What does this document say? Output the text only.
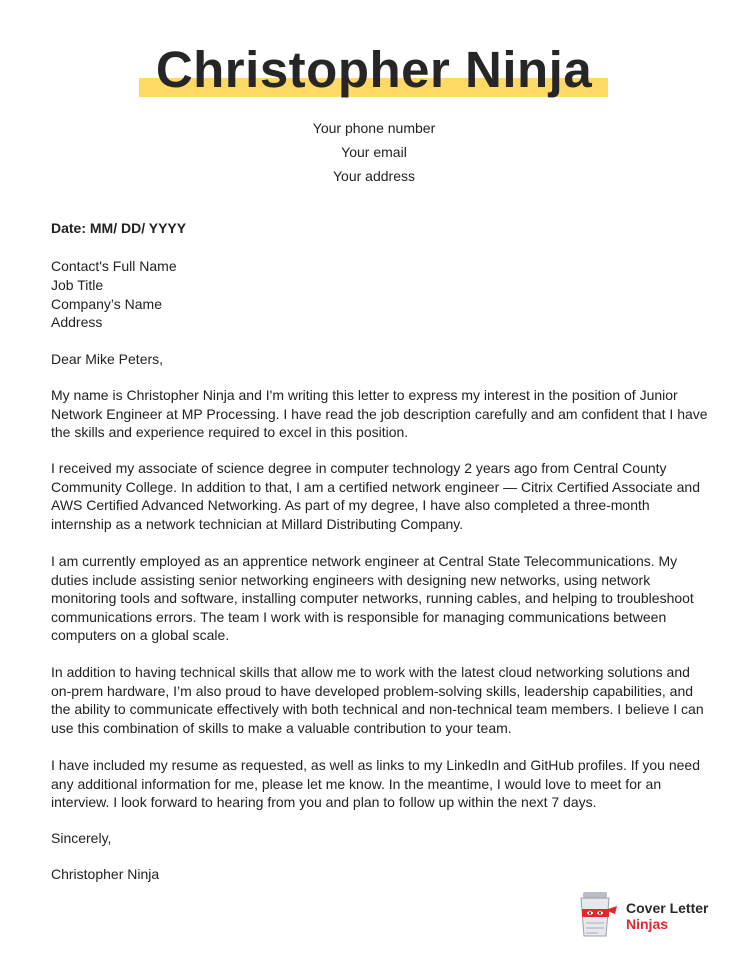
Christopher Ninja
Your phone number
Your email
Your address
Date: MM/ DD/ YYYY

Contact's Full Name

Job Title

Company’s Name

Address

Dear Mike Peters,
My name is Christopher Ninja and I'm writing this letter to express my interest in the position of Junior Network Engineer at MP Processing. I have read the job description carefully and am confident that I have the skills and experience required to excel in this position.
I received my associate of science degree in computer technology 2 years ago from Central County Community College. In addition to that, I am a certified network engineer — Citrix Certified Associate and AWS Certified Advanced Networking. As part of my degree, I have also completed a three-month internship as a network technician at Millard Distributing Company.
I am currently employed as an apprentice network engineer at Central State Telecommunications. My duties include assisting senior networking engineers with designing new networks, using network monitoring tools and software, installing computer networks, running cables, and helping to troubleshoot communications errors. The team I work with is responsible for managing communications between computers on a global scale.
In addition to having technical skills that allow me to work with the latest cloud networking solutions and on-prem hardware, I’m also proud to have developed problem-solving skills, leadership capabilities, and the ability to communicate effectively with both technical and non-technical team members. I believe I can use this combination of skills to make a valuable contribution to your team.
I have included my resume as requested, as well as links to my LinkedIn and GitHub profiles. If you need any additional information for me, please let me know. In the meantime, I would love to meet for an interview. I look forward to hearing from you and plan to follow up within the next 7 days.
Sincerely,
Christopher Ninja
Cover Letter
Ninjas
